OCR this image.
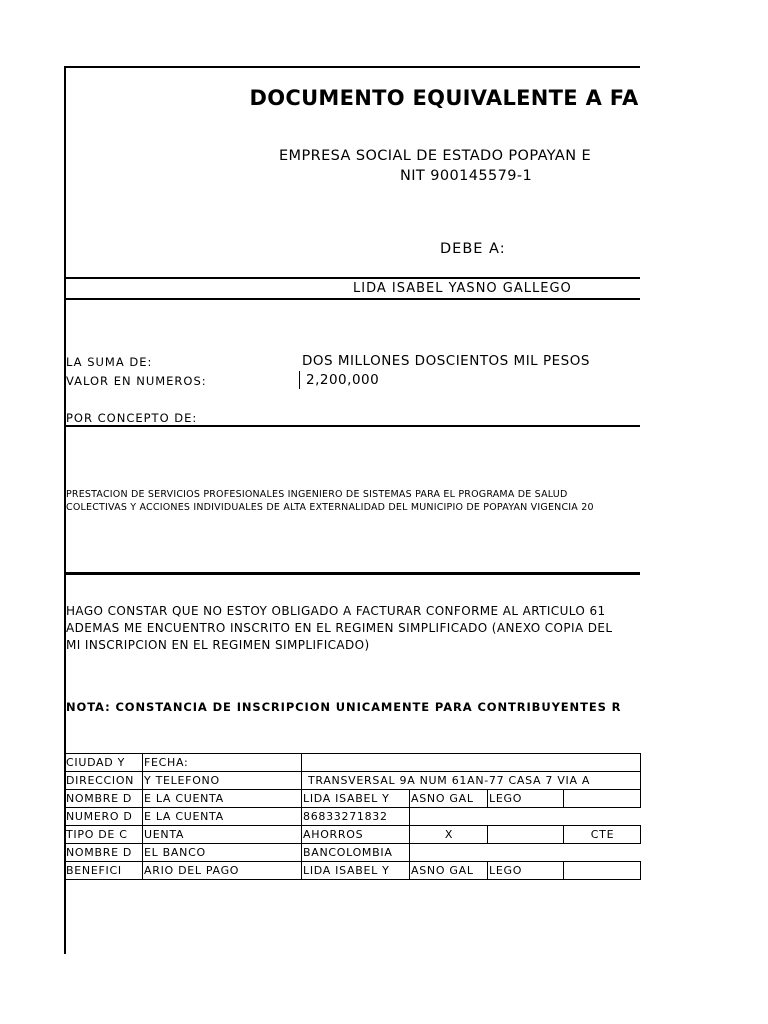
DOCUMENTO EQUIVALENTE A FA
EMPRESA SOCIAL DE ESTADO POPAYAN E
NIT 900145579-1
DEBE A:
LIDA ISABEL YASNO GALLEGO
LA SUMA DE:	DOS MILLONES DOSCIENTOS MIL PESOS
VALOR EN NUMEROS:	2,200,000
POR CONCEPTO DE:
PRESTACION DE SERVICIOS PROFESIONALES INGENIERO DE SISTEMAS PARA EL PROGRAMA DE SALUD
COLECTIVAS Y ACCIONES INDIVIDUALES DE ALTA EXTERNALIDAD DEL MUNICIPIO DE POPAYAN VIGENCIA 20
HAGO CONSTAR QUE NO ESTOY OBLIGADO A FACTURAR CONFORME AL ARTICULO 61
ADEMAS ME ENCUENTRO INSCRITO EN EL REGIMEN SIMPLIFICADO (ANEXO COPIA DEL
MI INSCRIPCION EN EL REGIMEN SIMPLIFICADO)
NOTA: CONSTANCIA DE INSCRIPCION UNICAMENTE PARA CONTRIBUYENTES R
CIUDAD Y	FECHA:				
DIRECCION	Y TELEFONO	TRANSVERSAL 9A NUM 61AN-77 CASA 7 VIA A			
NOMBRE D	E LA CUENTA	LIDA ISABEL Y	ASNO GAL	LEGO	
NUMERO D	E LA CUENTA	86833271832			
TIPO DE C	UENTA	AHORROS	X		CTE
NOMBRE D	EL BANCO	BANCOLOMBIA			
BENEFICI	ARIO DEL PAGO	LIDA ISABEL Y	ASNO GAL	LEGO	
